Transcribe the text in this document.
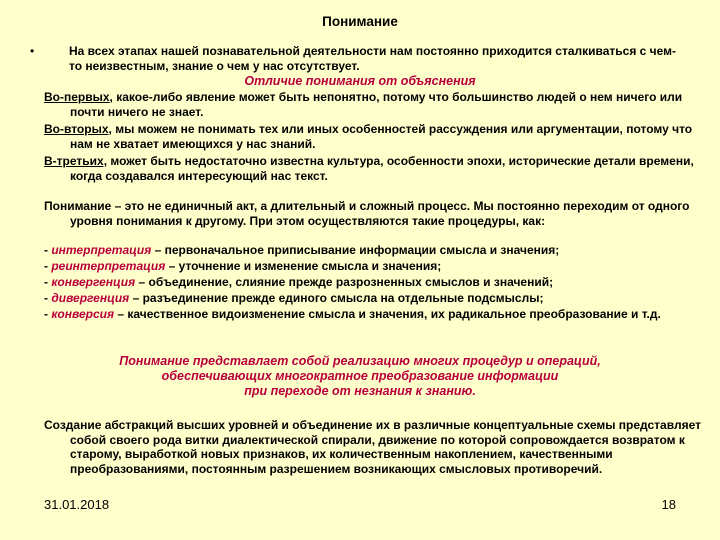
Понимание
•	На всех этапах нашей познавательной деятельности нам постоянно приходится сталкиваться с чем-то неизвестным, знание о чем у нас отсутствует.
Отличие понимания от объяснения
Во-первых, какое-либо явление может быть непонятно, потому что большинство людей о нем ничего или почти ничего не знает.
Во-вторых, мы можем не понимать тех или иных особенностей рассуждения или аргументации, потому что нам не хватает имеющихся у нас знаний.
В-третьих, может быть недостаточно известна культура, особенности эпохи, исторические детали времени, когда создавался интересующий нас текст.
Понимание – это не единичный акт, а длительный и сложный процесс. Мы постоянно переходим от одного уровня понимания к другому. При этом осуществляются такие процедуры, как:
- интерпретация – первоначальное приписывание информации смысла и значения;
- реинтерпретация – уточнение и изменение смысла и значения;
- конвергенция – объединение, слияние прежде разрозненных смыслов и значений;
- дивергенция – разъединение прежде единого смысла на отдельные подсмыслы;
- конверсия – качественное видоизменение смысла и значения, их радикальное преобразование и т.д.
Понимание представлает собой реализацию многих процедур и операций,
обеспечивающих многократное преобразование информации
при переходе от незнания к знанию.
Создание абстракций высших уровней и объединение их в различные концептуальные схемы представляет собой своего рода витки диалектической спирали, движение по которой сопровождается возвратом к старому, выработкой новых признаков, их количественным накоплением, качественными преобразованиями, постоянным разрешением возникающих смысловых противоречий.
31.01.2018	18
